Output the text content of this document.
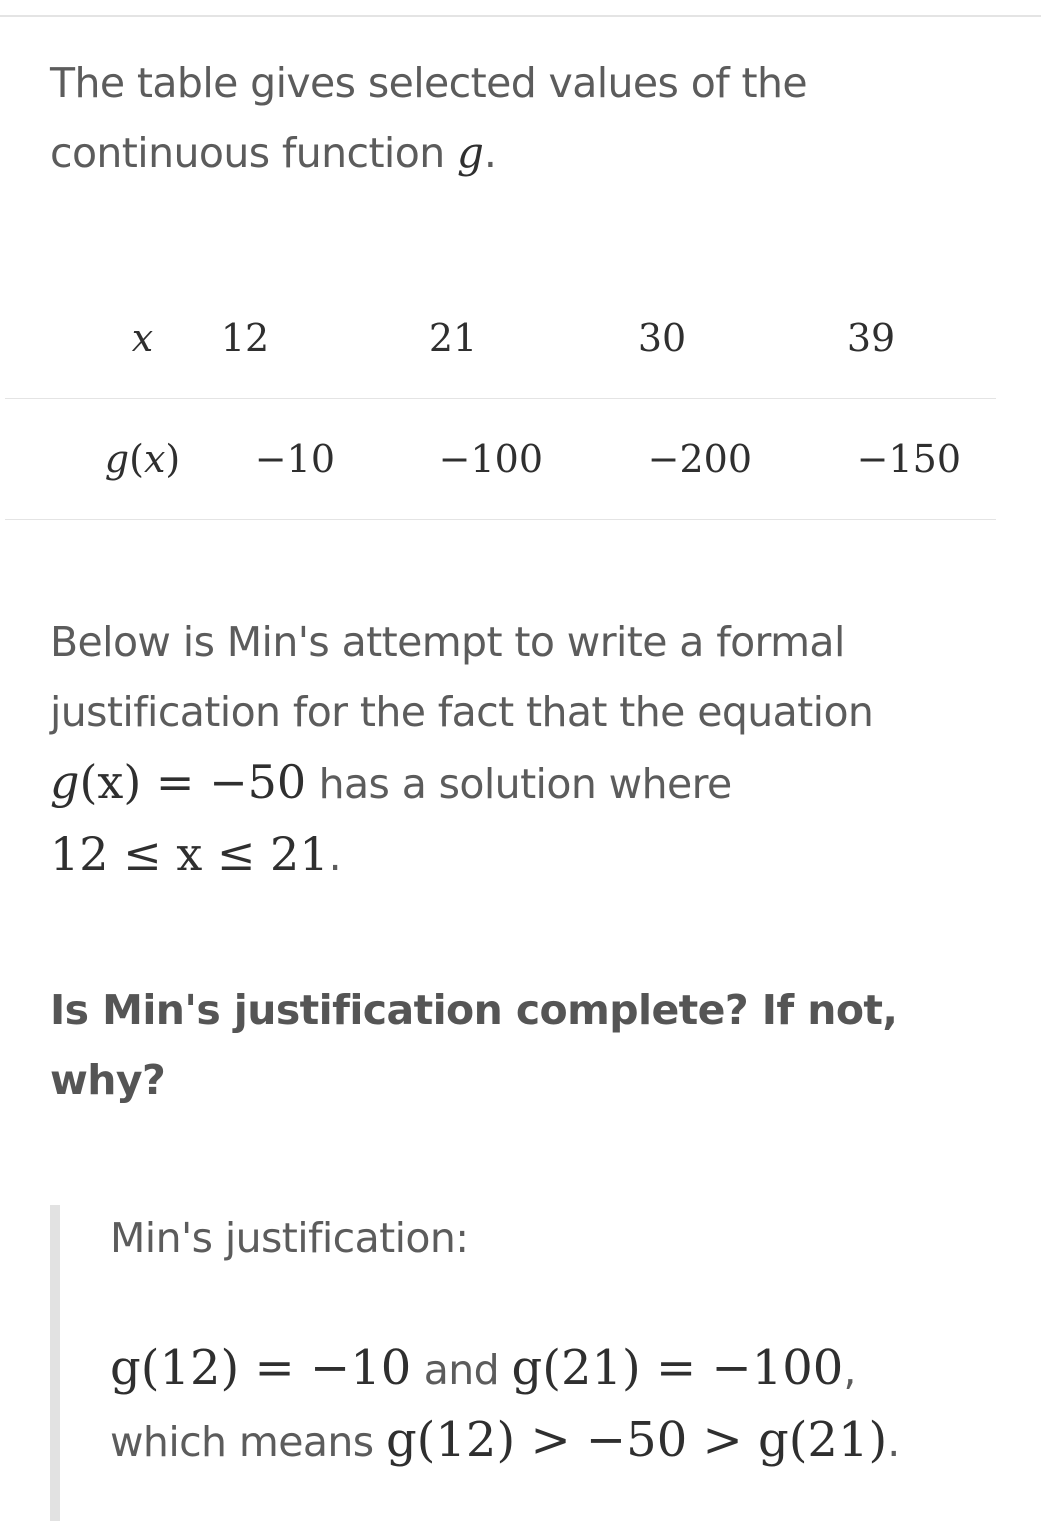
The table gives selected values of the continuous function g.

x	12	21	30	39
g(x)	−10	−100	−200	−150

Below is Min's attempt to write a formal justification for the fact that the equation
g(x) = −50 has a solution where
12 ≤ x ≤ 21.

Is Min's justification complete? If not, why?

Min's justification:

g(12) = −10 and g(21) = −100,
which means g(12) > −50 > g(21).
